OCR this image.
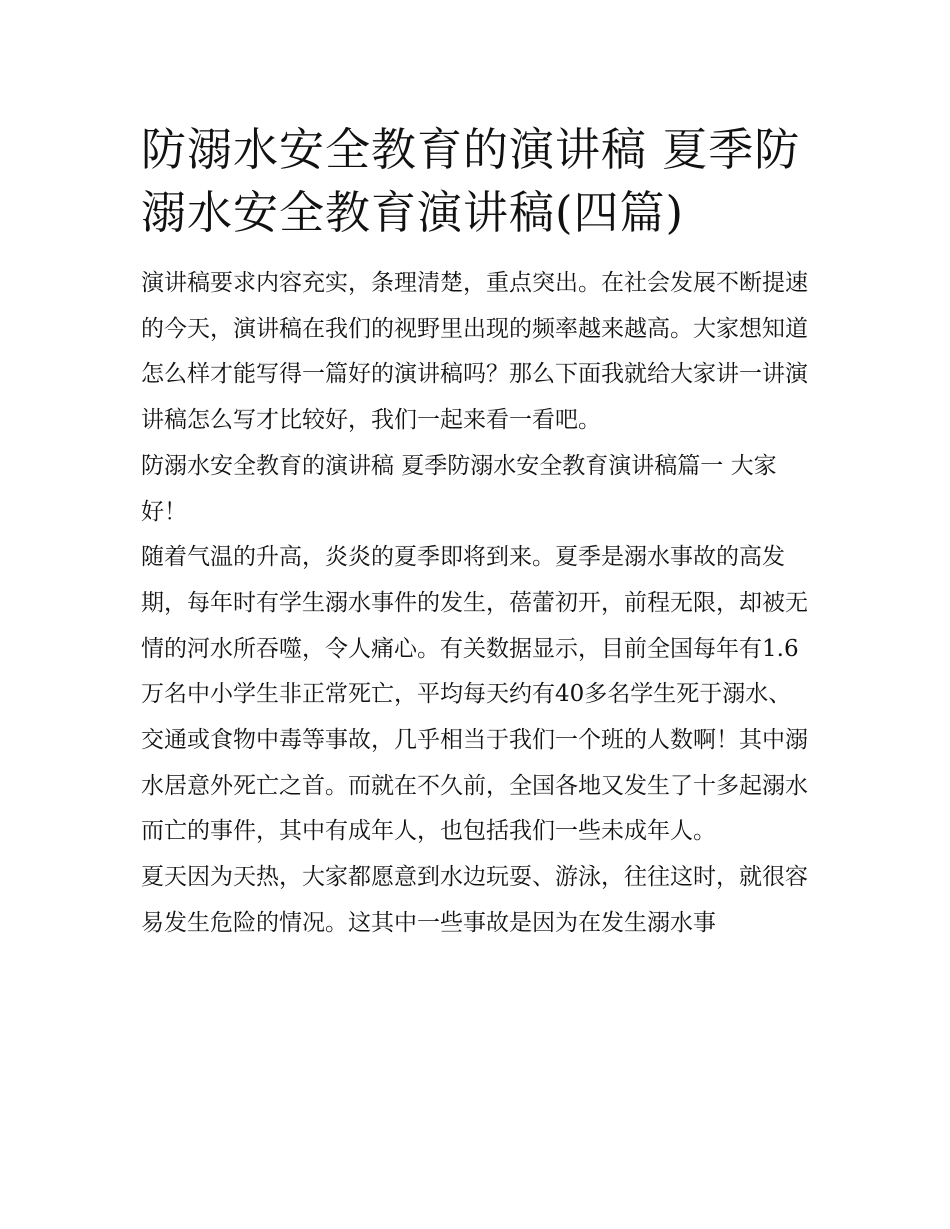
防溺水安全教育的演讲稿 夏季防溺水安全教育演讲稿(四篇)

演讲稿要求内容充实，条理清楚，重点突出。在社会发展不断提速的今天，演讲稿在我们的视野里出现的频率越来越高。大家想知道怎么样才能写得一篇好的演讲稿吗？那么下面我就给大家讲一讲演讲稿怎么写才比较好，我们一起来看一看吧。

防溺水安全教育的演讲稿 夏季防溺水安全教育演讲稿篇一 大家好！

随着气温的升高，炎炎的夏季即将到来。夏季是溺水事故的高发期，每年时有学生溺水事件的发生，蓓蕾初开，前程无限，却被无情的河水所吞噬，令人痛心。有关数据显示，目前全国每年有1.6万名中小学生非正常死亡，平均每天约有40多名学生死于溺水、交通或食物中毒等事故，几乎相当于我们一个班的人数啊！其中溺水居意外死亡之首。而就在不久前，全国各地又发生了十多起溺水而亡的事件，其中有成年人，也包括我们一些未成年人。

夏天因为天热，大家都愿意到水边玩耍、游泳，往往这时，就很容易发生危险的情况。这其中一些事故是因为在发生溺水事
